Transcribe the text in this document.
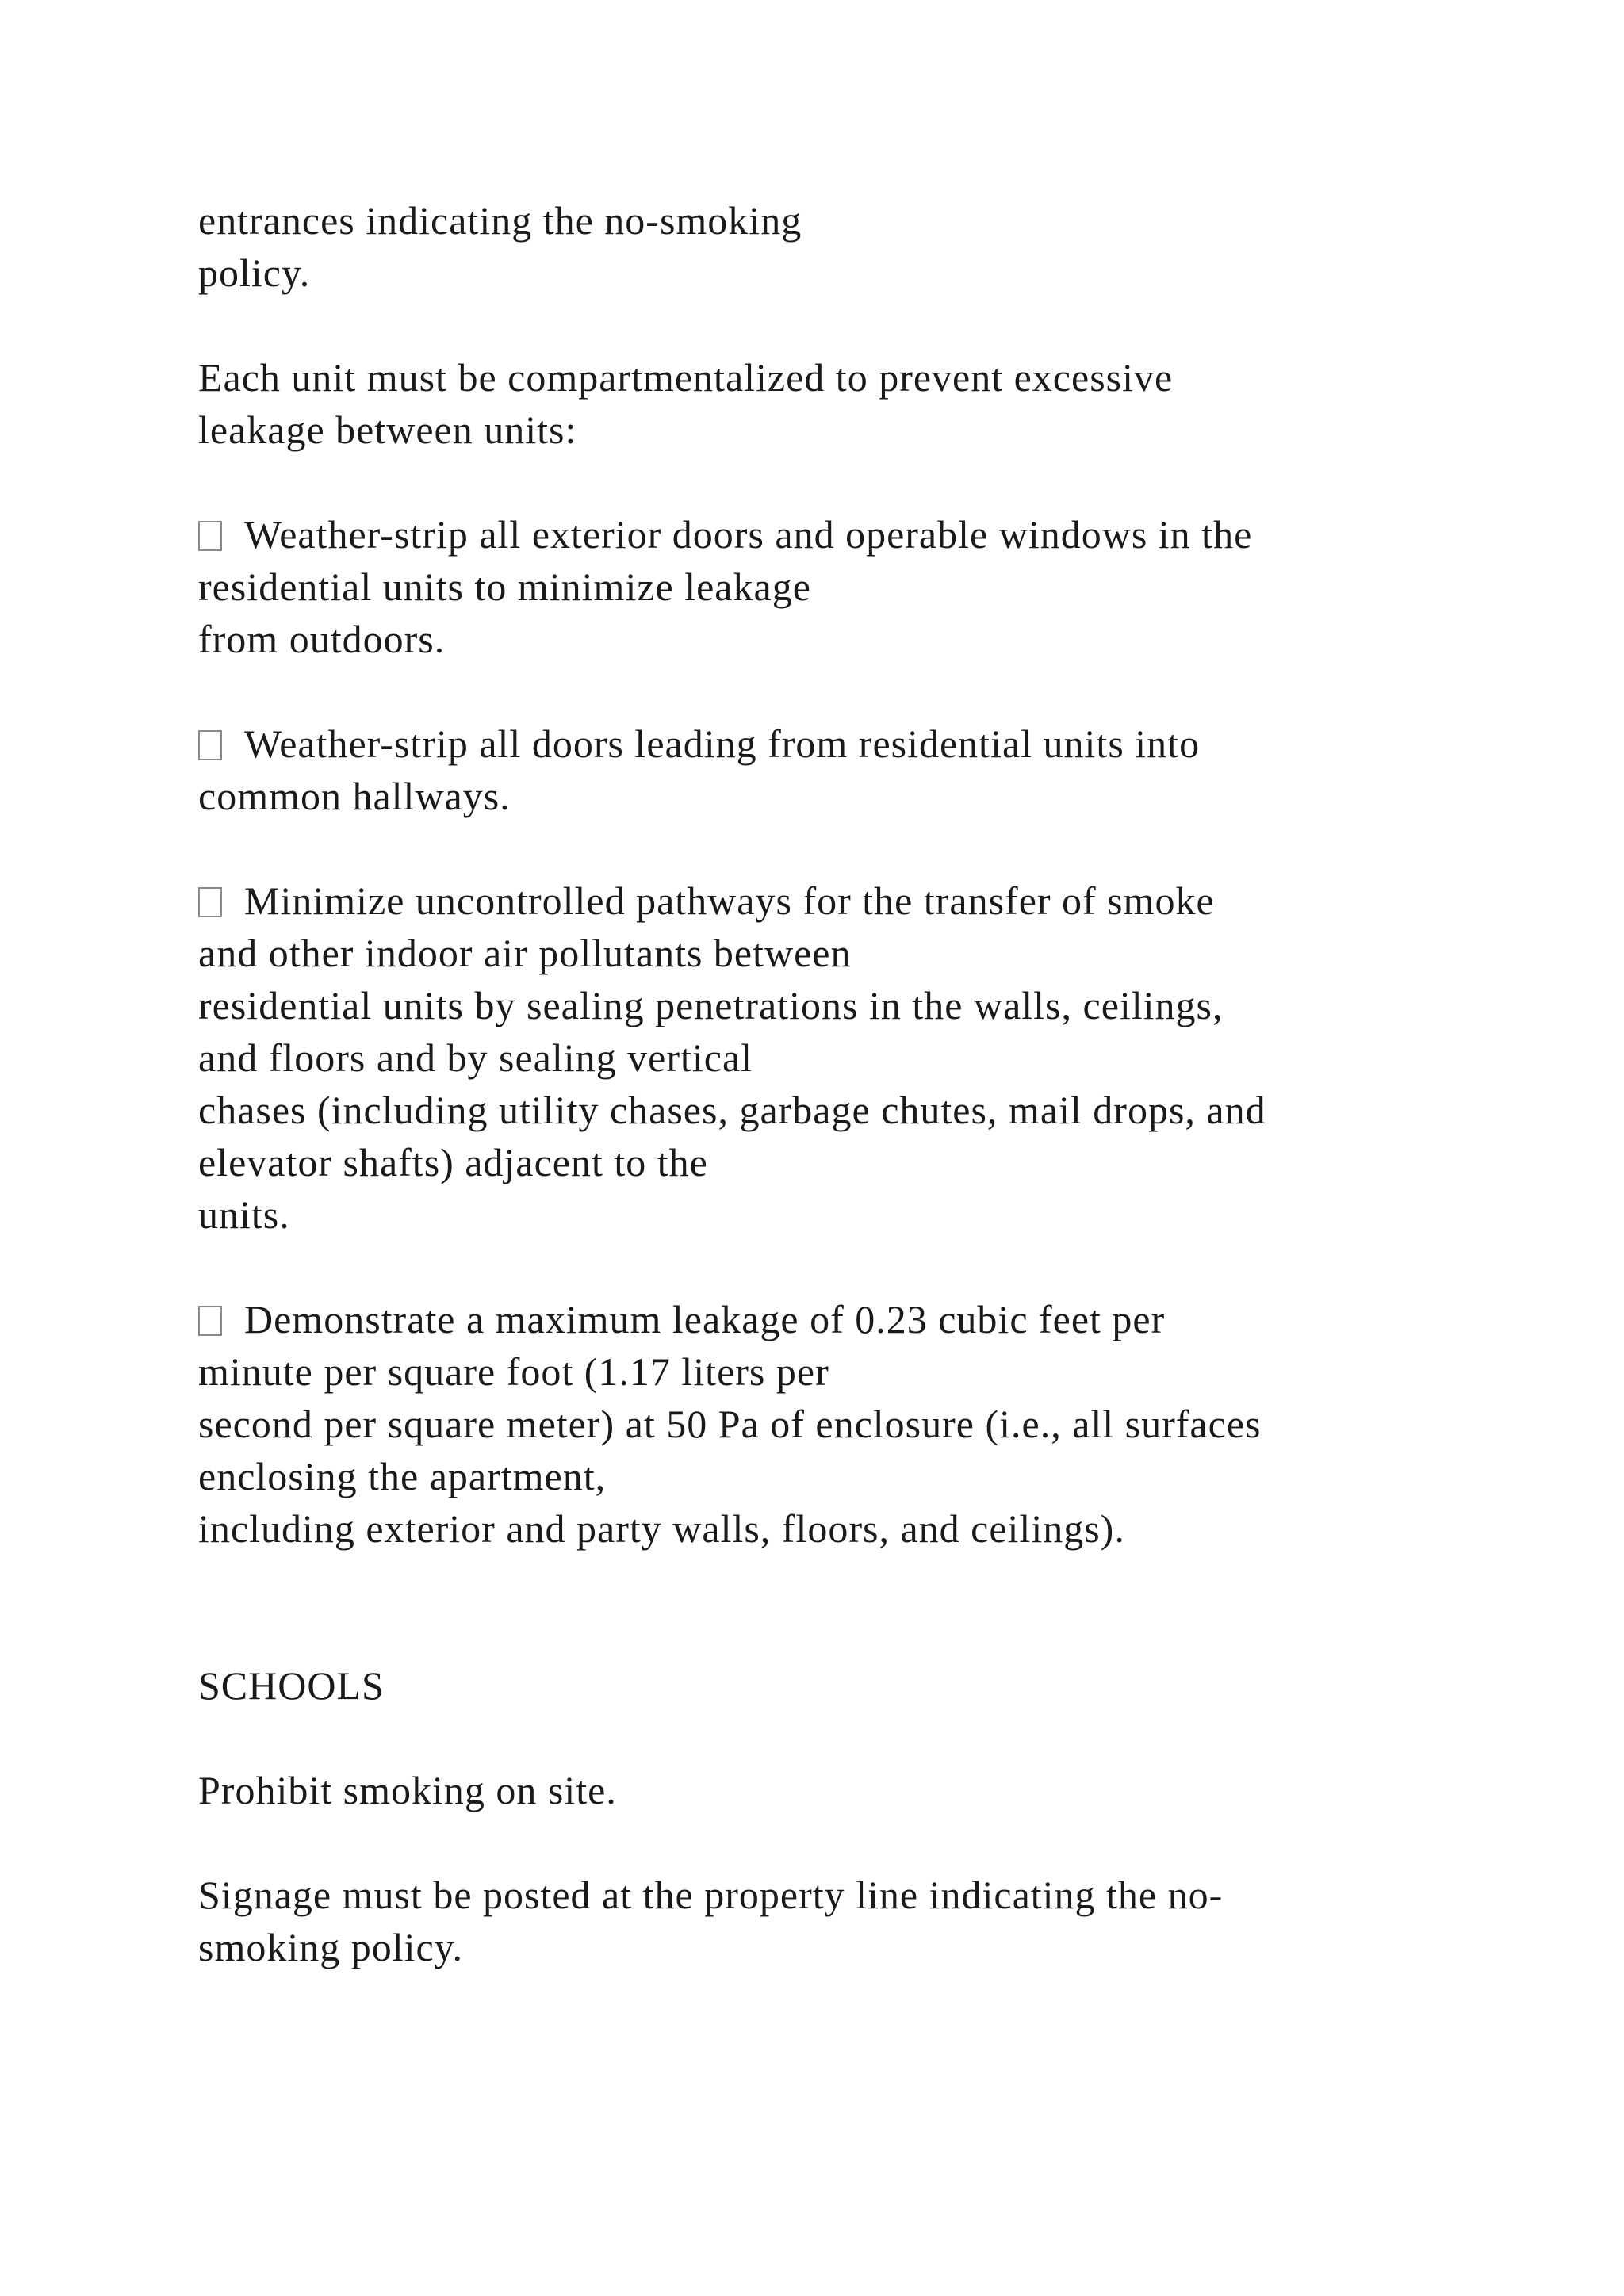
entrances indicating the no-smoking
policy.
Each unit must be compartmentalized to prevent excessive
leakage between units:
Weather-strip all exterior doors and operable windows in the
residential units to minimize leakage
from outdoors.
Weather-strip all doors leading from residential units into
common hallways.
Minimize uncontrolled pathways for the transfer of smoke
and other indoor air pollutants between
residential units by sealing penetrations in the walls, ceilings,
and floors and by sealing vertical
chases (including utility chases, garbage chutes, mail drops, and
elevator shafts) adjacent to the
units.
Demonstrate a maximum leakage of 0.23 cubic feet per
minute per square foot (1.17 liters per
second per square meter) at 50 Pa of enclosure (i.e., all surfaces
enclosing the apartment,
including exterior and party walls, floors, and ceilings).
SCHOOLS
Prohibit smoking on site.
Signage must be posted at the property line indicating the no-
smoking policy.
